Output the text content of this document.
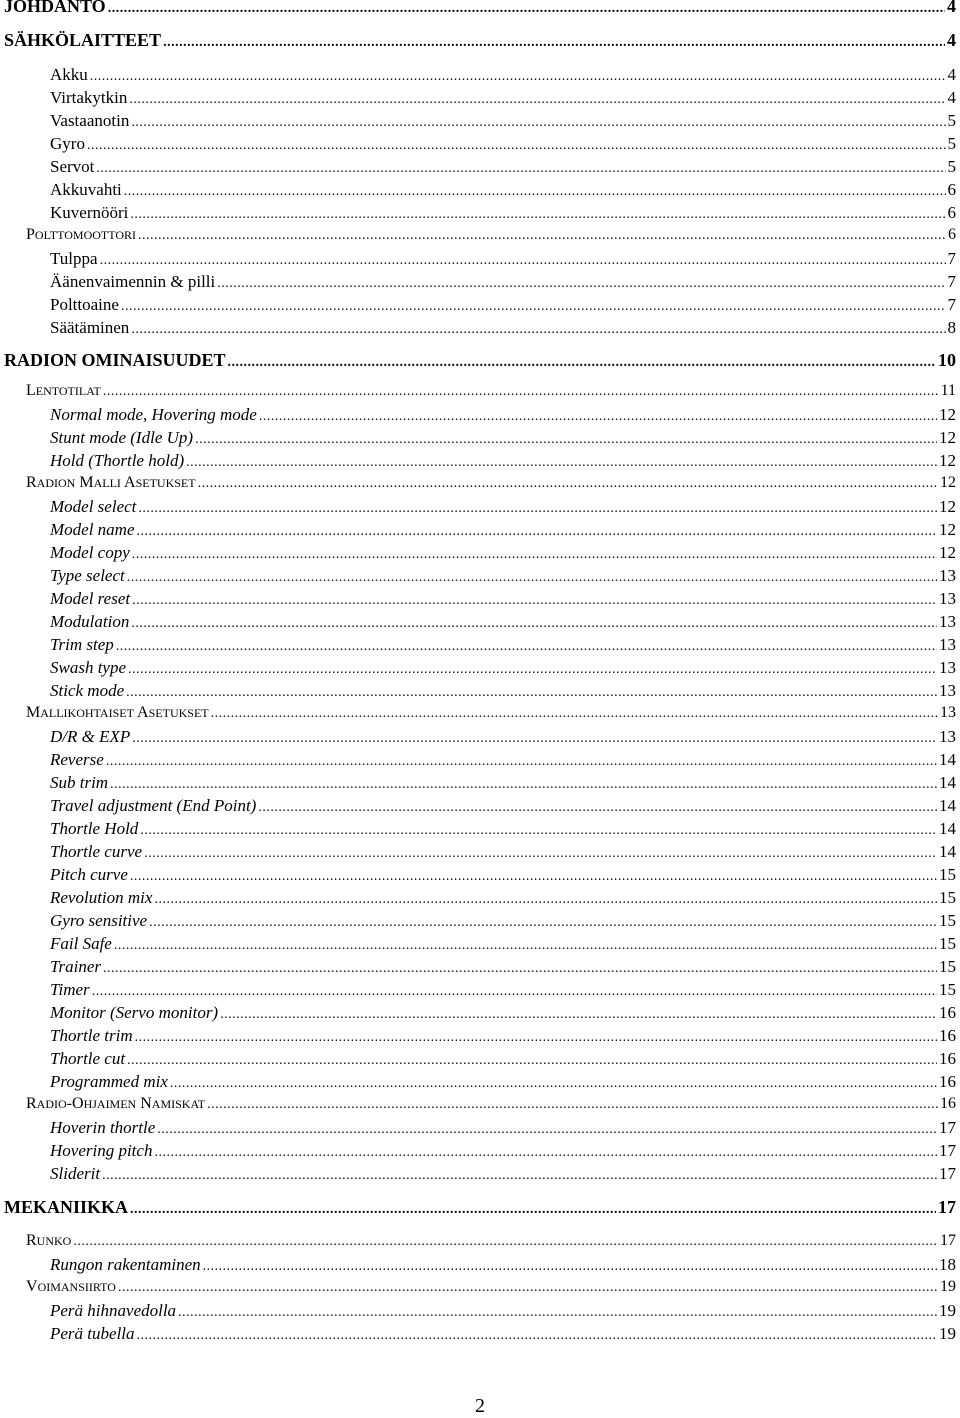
JOHDANTO .....	4
SÄHKÖLAITTEET .....	4
Akku .....	4
Virtakytkin .....	4
Vastaanotin .....	5
Gyro .....	5
Servot .....	5
Akkuvahti .....	6
Kuvernööri .....	6
POLTTOMOOTTORI .....	6
Tulppa .....	7
Äänenvaimennin & pilli .....	7
Polttoaine .....	7
Säätäminen .....	8
RADION OMINAISUUDET .....	10
LENTOTILAT .....	11
Normal mode, Hovering mode .....	12
Stunt mode (Idle Up) .....	12
Hold (Thortle hold) .....	12
RADION MALLI ASETUKSET .....	12
Model select .....	12
Model name .....	12
Model copy .....	12
Type select .....	13
Model reset .....	13
Modulation .....	13
Trim step .....	13
Swash type .....	13
Stick mode .....	13
MALLIKOHTAISET ASETUKSET .....	13
D/R & EXP .....	13
Reverse .....	14
Sub trim .....	14
Travel adjustment (End Point) .....	14
Thortle Hold .....	14
Thortle curve .....	14
Pitch curve .....	15
Revolution mix .....	15
Gyro sensitive .....	15
Fail Safe .....	15
Trainer .....	15
Timer .....	15
Monitor (Servo monitor) .....	16
Thortle trim .....	16
Thortle cut .....	16
Programmed mix .....	16
RADIO-OHJAIMEN NAMISKAT .....	16
Hoverin thortle .....	17
Hovering pitch .....	17
Sliderit .....	17
MEKANIIKKA .....	17
RUNKO .....	17
Rungon rakentaminen .....	18
VOIMANSIIRTO .....	19
Perä hihnavedolla .....	19
Perä tubella .....	19
2
